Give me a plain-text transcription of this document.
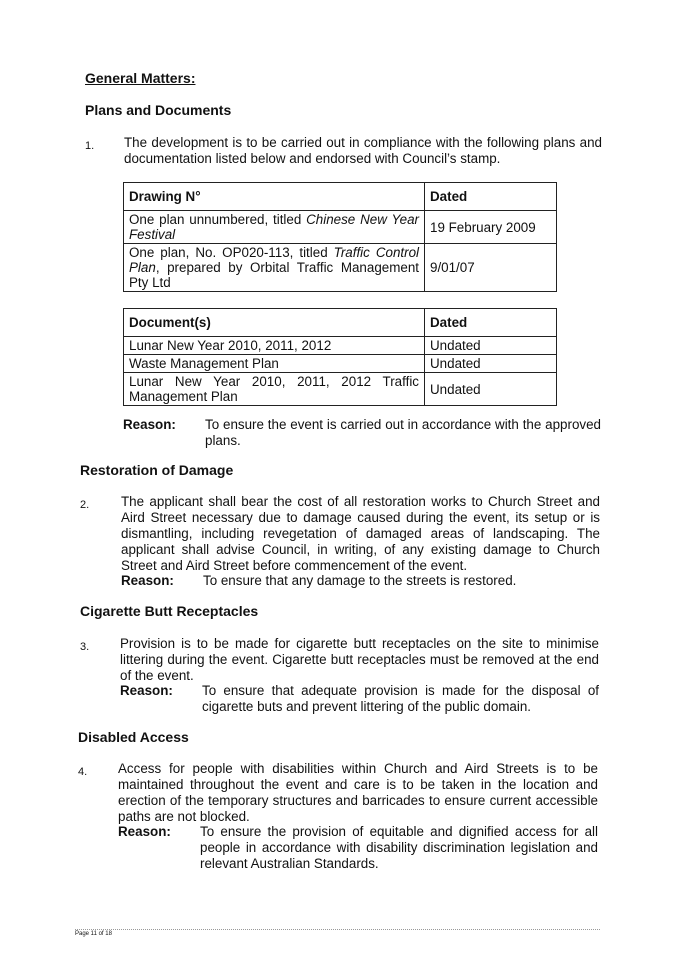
General Matters:
Plans and Documents
1. The development is to be carried out in compliance with the following plans and documentation listed below and endorsed with Council’s stamp.
Drawing N°	Dated
One plan unnumbered, titled Chinese New Year Festival	19 February 2009
One plan, No. OP020-113, titled Traffic Control Plan, prepared by Orbital Traffic Management Pty Ltd	9/01/07
Document(s)	Dated
Lunar New Year 2010, 2011, 2012	Undated
Waste Management Plan	Undated
Lunar New Year 2010, 2011, 2012 Traffic Management Plan	Undated
Reason: To ensure the event is carried out in accordance with the approved plans.
Restoration of Damage
2. The applicant shall bear the cost of all restoration works to Church Street and Aird Street necessary due to damage caused during the event, its setup or is dismantling, including revegetation of damaged areas of landscaping. The applicant shall advise Council, in writing, of any existing damage to Church Street and Aird Street before commencement of the event.
Reason: To ensure that any damage to the streets is restored.
Cigarette Butt Receptacles
3. Provision is to be made for cigarette butt receptacles on the site to minimise littering during the event. Cigarette butt receptacles must be removed at the end of the event.
Reason: To ensure that adequate provision is made for the disposal of cigarette buts and prevent littering of the public domain.
Disabled Access
4. Access for people with disabilities within Church and Aird Streets is to be maintained throughout the event and care is to be taken in the location and erection of the temporary structures and barricades to ensure current accessible paths are not blocked.
Reason: To ensure the provision of equitable and dignified access for all people in accordance with disability discrimination legislation and relevant Australian Standards.
Page 11 of 18
